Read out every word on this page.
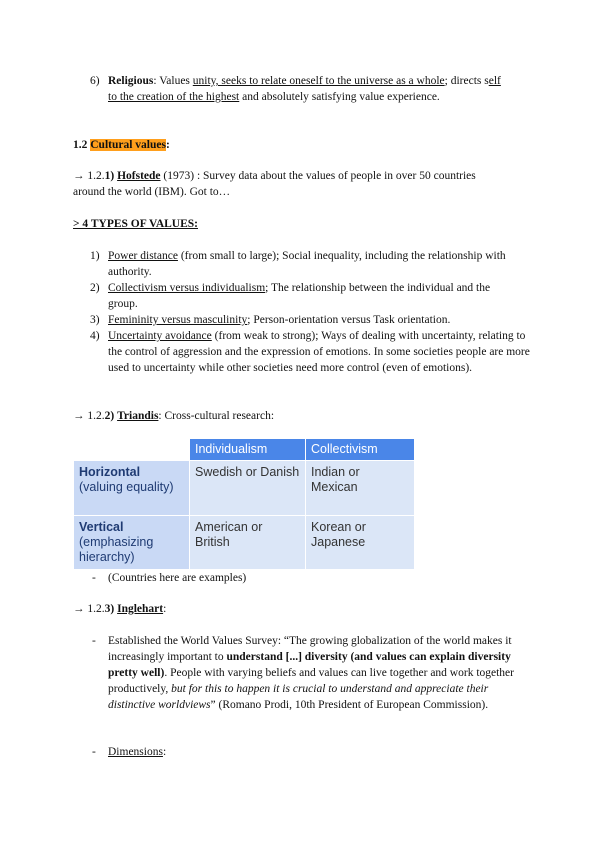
6) Religious: Values unity, seeks to relate oneself to the universe as a whole; directs self
to the creation of the highest and absolutely satisfying value experience.
1.2 Cultural values:
→ 1.2.1) Hofstede (1973) : Survey data about the values of people in over 50 countries
around the world (IBM). Got to…
> 4 TYPES OF VALUES:
1) Power distance (from small to large); Social inequality, including the relationship with
authority.
2) Collectivism versus individualism; The relationship between the individual and the
group.
3) Femininity versus masculinity; Person-orientation versus Task orientation.
4) Uncertainty avoidance (from weak to strong); Ways of dealing with uncertainty, relating to the control of aggression and the expression of emotions. In some societies people are more used to uncertainty while other societies need more control (even of emotions).
→ 1.2.2) Triandis: Cross-cultural research:
	Individualism	Collectivism
Horizontal
(valuing equality)	Swedish or Danish	Indian or Mexican
Vertical
(emphasizing hierarchy)	American or British	Korean or Japanese
- (Countries here are examples)
→ 1.2.3) Inglehart:
- Established the World Values Survey: “The growing globalization of the world makes it increasingly important to understand [...] diversity (and values can explain diversity pretty well). People with varying beliefs and values can live together and work together productively, but for this to happen it is crucial to understand and appreciate their distinctive worldviews” (Romano Prodi, 10th President of European Commission).
- Dimensions:
